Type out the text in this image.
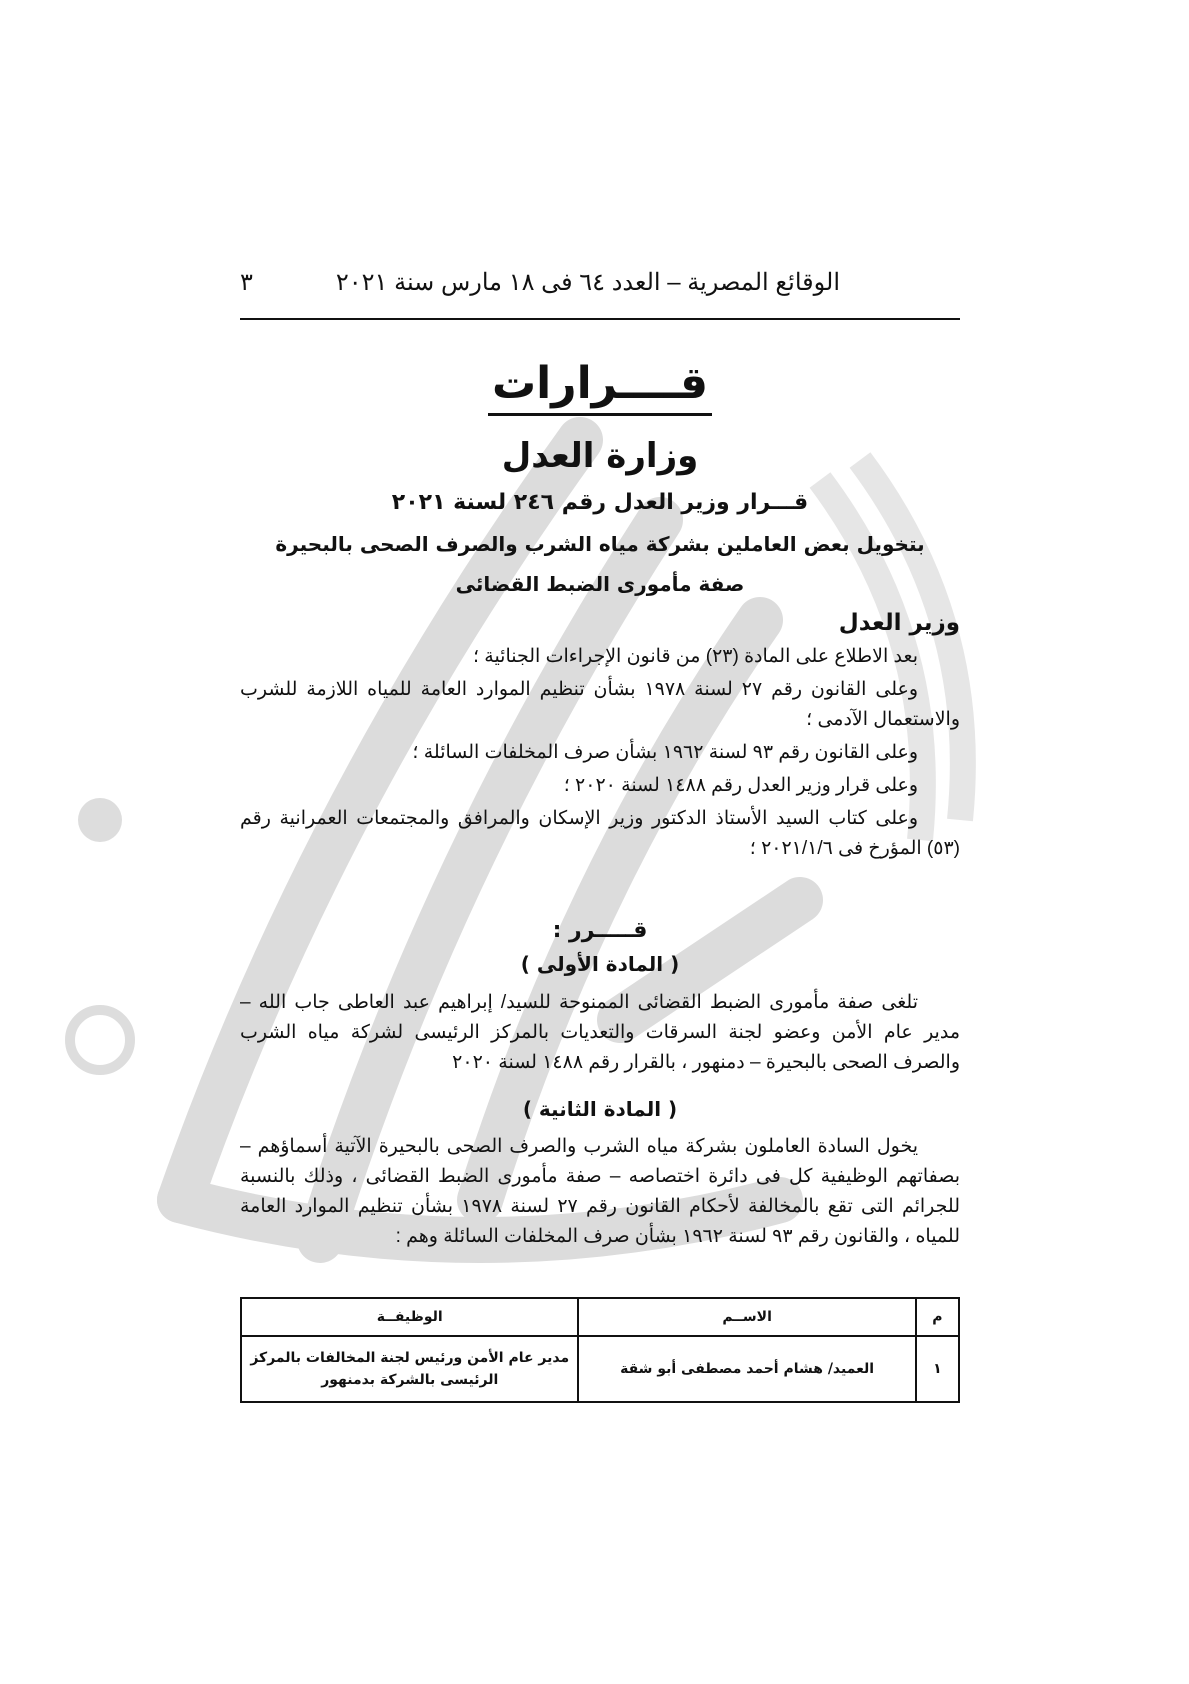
الوقائع المصرية – العدد ٦٤ فى ١٨ مارس سنة ٢٠٢١
٣
قــــرارات
وزارة العدل
قـــرار وزير العدل رقم ٢٤٦ لسنة ٢٠٢١
بتخويل بعض العاملين بشركة مياه الشرب والصرف الصحى بالبحيرة
صفة مأمورى الضبط القضائى
وزير العدل

بعد الاطلاع على المادة (٢٣) من قانون الإجراءات الجنائية ؛

وعلى القانون رقم ٢٧ لسنة ١٩٧٨ بشأن تنظيم الموارد العامة للمياه اللازمة للشرب والاستعمال الآدمى ؛

وعلى القانون رقم ٩٣ لسنة ١٩٦٢ بشأن صرف المخلفات السائلة ؛

وعلى قرار وزير العدل رقم ١٤٨٨ لسنة ٢٠٢٠ ؛

وعلى كتاب السيد الأستاذ الدكتور وزير الإسكان والمرافق والمجتمعات العمرانية رقم (٥٣) المؤرخ فى ٢٠٢١/١/٦ ؛

قـــــرر :
( المادة الأولى )

تلغى صفة مأمورى الضبط القضائى الممنوحة للسيد/ إبراهيم عبد العاطى جاب الله – مدير عام الأمن وعضو لجنة السرقات والتعديات بالمركز الرئيسى لشركة مياه الشرب والصرف الصحى بالبحيرة – دمنهور ، بالقرار رقم ١٤٨٨ لسنة ٢٠٢٠

( المادة الثانية )

يخول السادة العاملون بشركة مياه الشرب والصرف الصحى بالبحيرة الآتية أسماؤهم – بصفاتهم الوظيفية كل فى دائرة اختصاصه – صفة مأمورى الضبط القضائى ، وذلك بالنسبة للجرائم التى تقع بالمخالفة لأحكام القانون رقم ٢٧ لسنة ١٩٧٨ بشأن تنظيم الموارد العامة للمياه ، والقانون رقم ٩٣ لسنة ١٩٦٢ بشأن صرف المخلفات السائلة وهم :

م	الاســم	الوظيفــة
١	العميد/ هشام أحمد مصطفى أبو شقة	مدير عام الأمن ورئيس لجنة المخالفات بالمركز الرئيسى بالشركة بدمنهور
